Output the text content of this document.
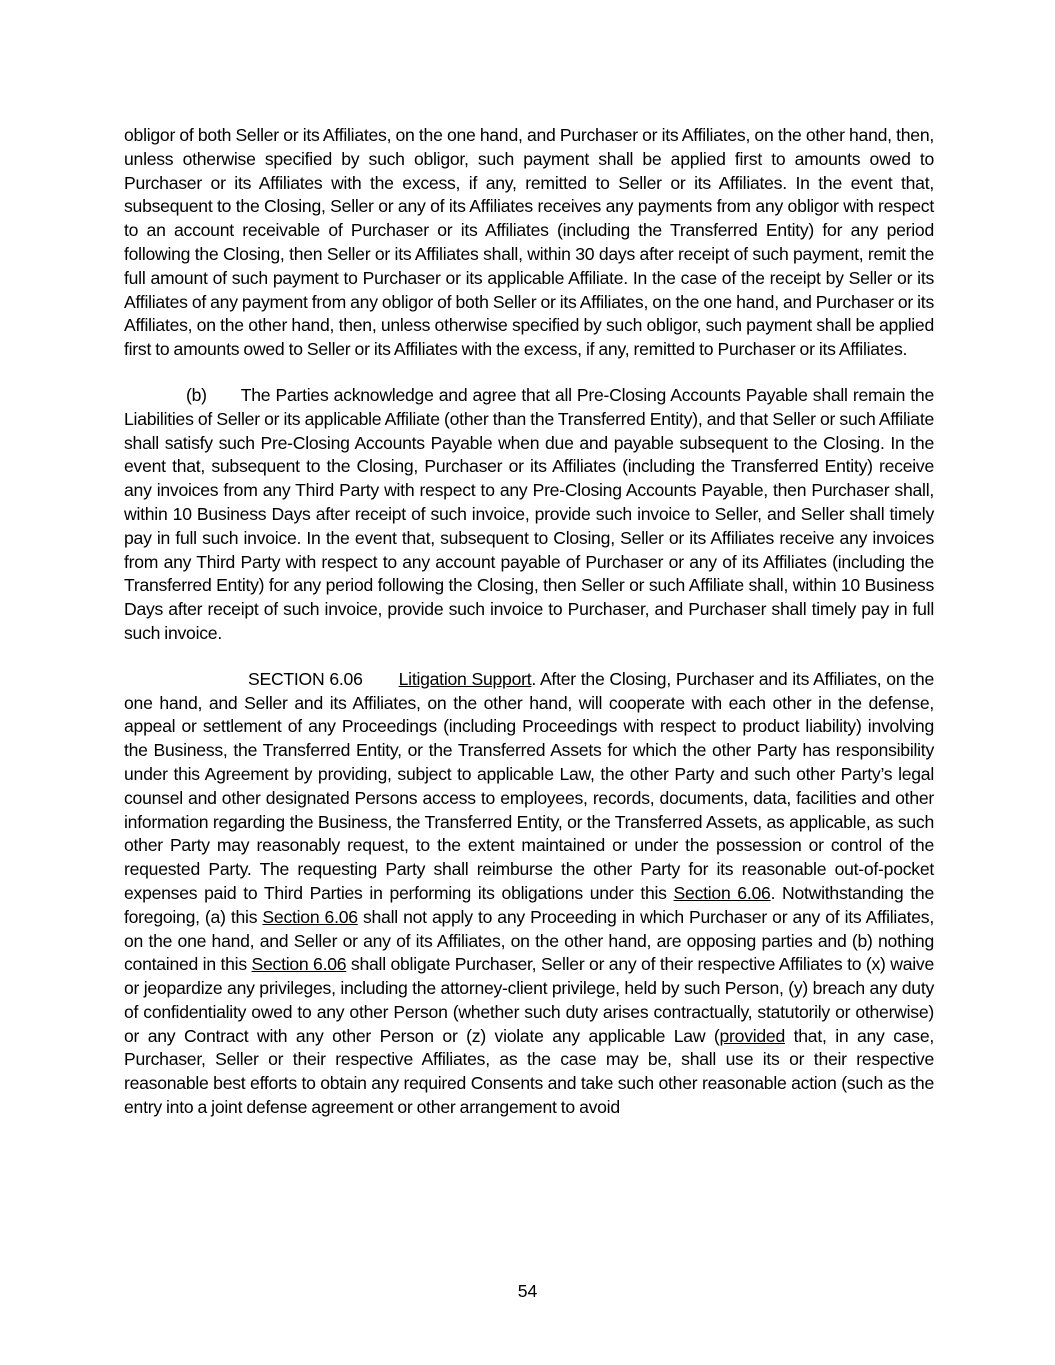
obligor of both Seller or its Affiliates, on the one hand, and Purchaser or its Affiliates, on the other hand, then, unless otherwise specified by such obligor, such payment shall be applied first to amounts owed to Purchaser or its Affiliates with the excess, if any, remitted to Seller or its Affiliates. In the event that, subsequent to the Closing, Seller or any of its Affiliates receives any payments from any obligor with respect to an account receivable of Purchaser or its Affiliates (including the Transferred Entity) for any period following the Closing, then Seller or its Affiliates shall, within 30 days after receipt of such payment, remit the full amount of such payment to Purchaser or its applicable Affiliate. In the case of the receipt by Seller or its Affiliates of any payment from any obligor of both Seller or its Affiliates, on the one hand, and Purchaser or its Affiliates, on the other hand, then, unless otherwise specified by such obligor, such payment shall be applied first to amounts owed to Seller or its Affiliates with the excess, if any, remitted to Purchaser or its Affiliates.

(b) The Parties acknowledge and agree that all Pre-Closing Accounts Payable shall remain the Liabilities of Seller or its applicable Affiliate (other than the Transferred Entity), and that Seller or such Affiliate shall satisfy such Pre-Closing Accounts Payable when due and payable subsequent to the Closing. In the event that, subsequent to the Closing, Purchaser or its Affiliates (including the Transferred Entity) receive any invoices from any Third Party with respect to any Pre-Closing Accounts Payable, then Purchaser shall, within 10 Business Days after receipt of such invoice, provide such invoice to Seller, and Seller shall timely pay in full such invoice. In the event that, subsequent to Closing, Seller or its Affiliates receive any invoices from any Third Party with respect to any account payable of Purchaser or any of its Affiliates (including the Transferred Entity) for any period following the Closing, then Seller or such Affiliate shall, within 10 Business Days after receipt of such invoice, provide such invoice to Purchaser, and Purchaser shall timely pay in full such invoice.

SECTION 6.06 Litigation Support. After the Closing, Purchaser and its Affiliates, on the one hand, and Seller and its Affiliates, on the other hand, will cooperate with each other in the defense, appeal or settlement of any Proceedings (including Proceedings with respect to product liability) involving the Business, the Transferred Entity, or the Transferred Assets for which the other Party has responsibility under this Agreement by providing, subject to applicable Law, the other Party and such other Party’s legal counsel and other designated Persons access to employees, records, documents, data, facilities and other information regarding the Business, the Transferred Entity, or the Transferred Assets, as applicable, as such other Party may reasonably request, to the extent maintained or under the possession or control of the requested Party. The requesting Party shall reimburse the other Party for its reasonable out-of-pocket expenses paid to Third Parties in performing its obligations under this Section 6.06. Notwithstanding the foregoing, (a) this Section 6.06 shall not apply to any Proceeding in which Purchaser or any of its Affiliates, on the one hand, and Seller or any of its Affiliates, on the other hand, are opposing parties and (b) nothing contained in this Section 6.06 shall obligate Purchaser, Seller or any of their respective Affiliates to (x) waive or jeopardize any privileges, including the attorney-client privilege, held by such Person, (y) breach any duty of confidentiality owed to any other Person (whether such duty arises contractually, statutorily or otherwise) or any Contract with any other Person or (z) violate any applicable Law (provided that, in any case, Purchaser, Seller or their respective Affiliates, as the case may be, shall use its or their respective reasonable best efforts to obtain any required Consents and take such other reasonable action (such as the entry into a joint defense agreement or other arrangement to avoid

54
